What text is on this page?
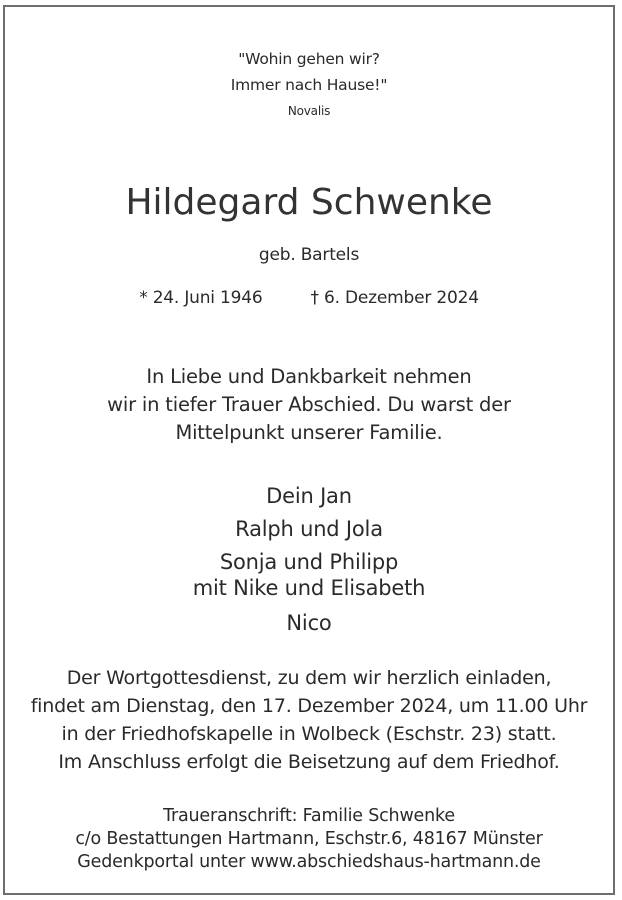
"Wohin gehen wir?
Immer nach Hause!"
Novalis
Hildegard Schwenke
geb. Bartels
* 24. Juni 1946	† 6. Dezember 2024
In Liebe und Dankbarkeit nehmen
wir in tiefer Trauer Abschied. Du warst der
Mittelpunkt unserer Familie.
Dein Jan
Ralph und Jola
Sonja und Philipp
mit Nike und Elisabeth
Nico
Der Wortgottesdienst, zu dem wir herzlich einladen,
findet am Dienstag, den 17. Dezember 2024, um 11.00 Uhr
in der Friedhofskapelle in Wolbeck (Eschstr. 23) statt.
Im Anschluss erfolgt die Beisetzung auf dem Friedhof.
Traueranschrift: Familie Schwenke
c/o Bestattungen Hartmann, Eschstr.6, 48167 Münster
Gedenkportal unter www.abschiedshaus-hartmann.de
